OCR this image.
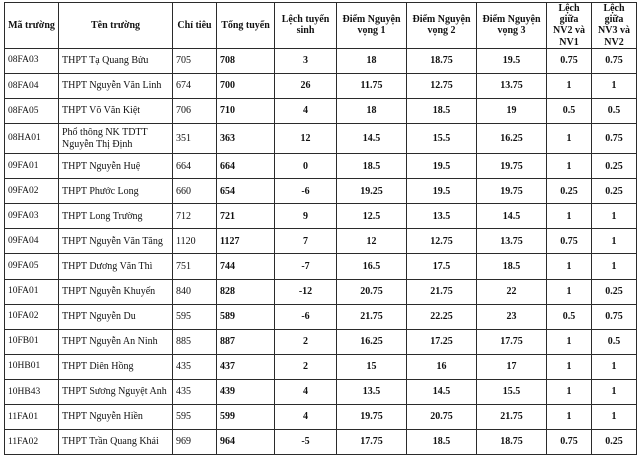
Mã trường	Tên trường	Chỉ tiêu	Tổng tuyển	Lệch tuyển sinh	Điểm Nguyện vọng 1	Điểm Nguyện vọng 2	Điểm Nguyện vọng 3	Lệch giữa NV2 và NV1	Lệch giữa NV3 và NV2
08FA03	THPT Tạ Quang Bửu	705	708	3	18	18.75	19.5	0.75	0.75
08FA04	THPT Nguyễn Văn Linh	674	700	26	11.75	12.75	13.75	1	1
08FA05	THPT Võ Văn Kiệt	706	710	4	18	18.5	19	0.5	0.5
08HA01	Phổ thông NK TDTT Nguyễn Thị Định	351	363	12	14.5	15.5	16.25	1	0.75
09FA01	THPT Nguyễn Huệ	664	664	0	18.5	19.5	19.75	1	0.25
09FA02	THPT Phước Long	660	654	-6	19.25	19.5	19.75	0.25	0.25
09FA03	THPT Long Trường	712	721	9	12.5	13.5	14.5	1	1
09FA04	THPT Nguyễn Văn Tăng	1120	1127	7	12	12.75	13.75	0.75	1
09FA05	THPT Dương Văn Thì	751	744	-7	16.5	17.5	18.5	1	1
10FA01	THPT Nguyễn Khuyến	840	828	-12	20.75	21.75	22	1	0.25
10FA02	THPT Nguyễn Du	595	589	-6	21.75	22.25	23	0.5	0.75
10FB01	THPT Nguyễn An Ninh	885	887	2	16.25	17.25	17.75	1	0.5
10HB01	THPT Diên Hồng	435	437	2	15	16	17	1	1
10HB43	THPT Sương Nguyệt Anh	435	439	4	13.5	14.5	15.5	1	1
11FA01	THPT Nguyễn Hiền	595	599	4	19.75	20.75	21.75	1	1
11FA02	THPT Trần Quang Khải	969	964	-5	17.75	18.5	18.75	0.75	0.25
